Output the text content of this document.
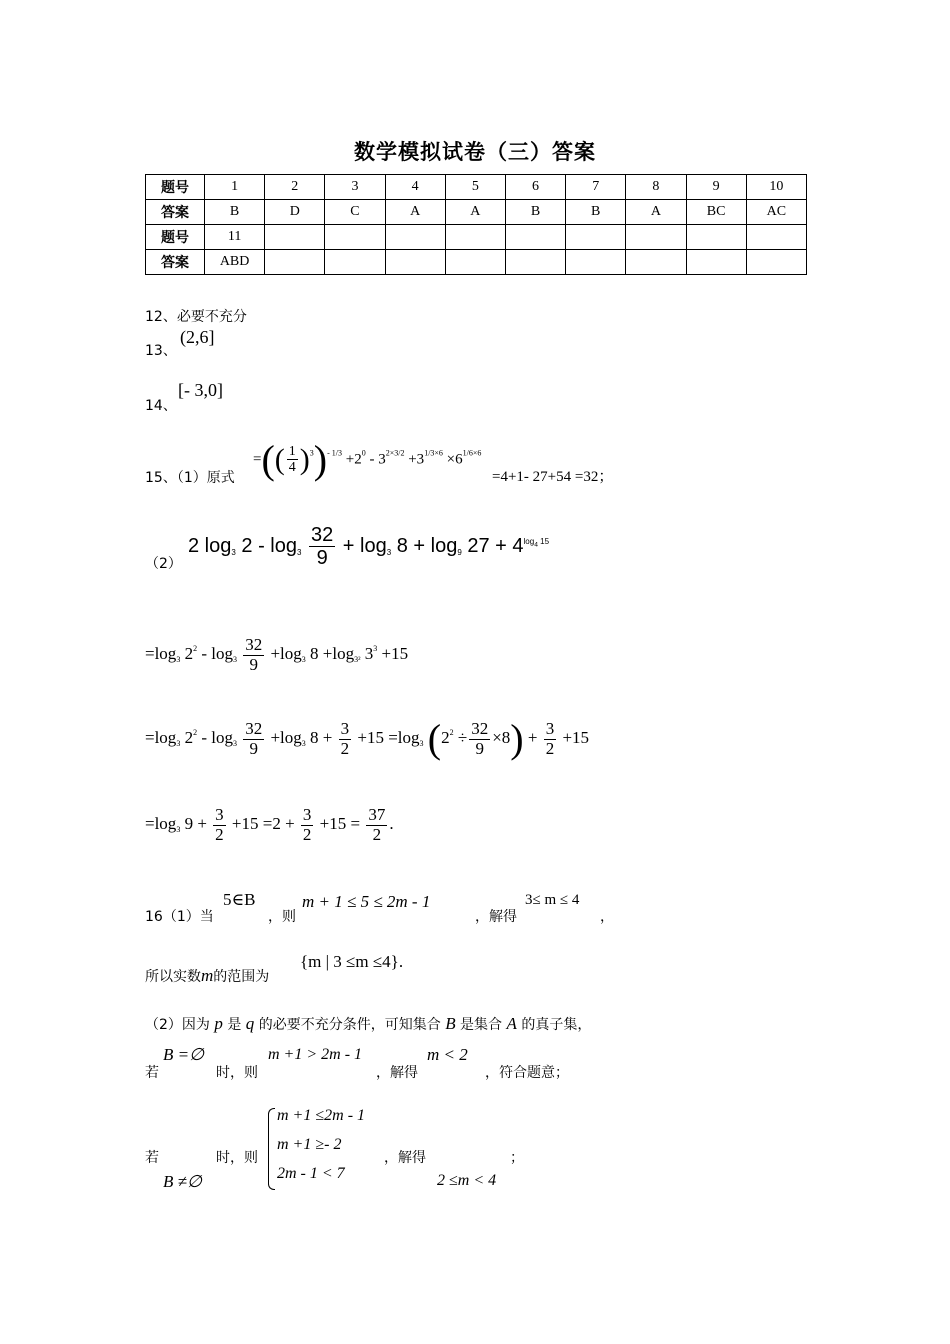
数学模拟试卷（三）答案
题号	1	2	3	4	5	6	7	8	9	10
答案	B	D	C	A	A	B	B	A	BC	AC
题号	11									
答案	ABD									
12、必要不充分
13、
(2,6]
14、
[- 3,0]
15、（1）原式
=(( $\frac{1}{4} )^3)^{- 1/3} +2^0 - 3^{2\times 3/2} +3^{1/3\times 6} \times 6^{1/6\times 6}$
=4+1- 27+54 =32；
（2）
2 $\log_3 2 - \log_3 \frac{32}{9} + \log_3 8 + \log_9 27 + 4^{log_4 15}$
$=\log_3$ $2^2 - \log_3 \frac{32}{9} +\log_3$ $8 +\log_{3^2}$ $3^3 +15$
$=\log_3$ $2^2 - \log_3 \frac{32}{9} +\log_3$ $8 + \frac{3}{2} +15 =\log_3$ $(2^2 \div \frac{32}{9} \times 8) + \frac{3}{2} +15$
$=\log_3$ $9 + \frac{3}{2} +15 =2 + \frac{3}{2} +15 = \frac{37}{2}$ .
16（1）当
5∈B
，则
m + 1 ≤ 5 ≤ 2m - 1
，解得
3≤ m ≤ 4
，
所以实数m的范围为
{m | 3 ≤m ≤4}.
（2）因为 p 是 q 的必要不充分条件，可知集合 B 是集合 A 的真子集，
若
B =∅
时，则
m +1 > 2m - 1
，解得
m < 2
，符合题意；
若	时，则
B ≠∅
m +1 ≤2m - 1
m +1 ≥- 2
2m - 1 < 7
，解得
2 ≤m < 4
；
